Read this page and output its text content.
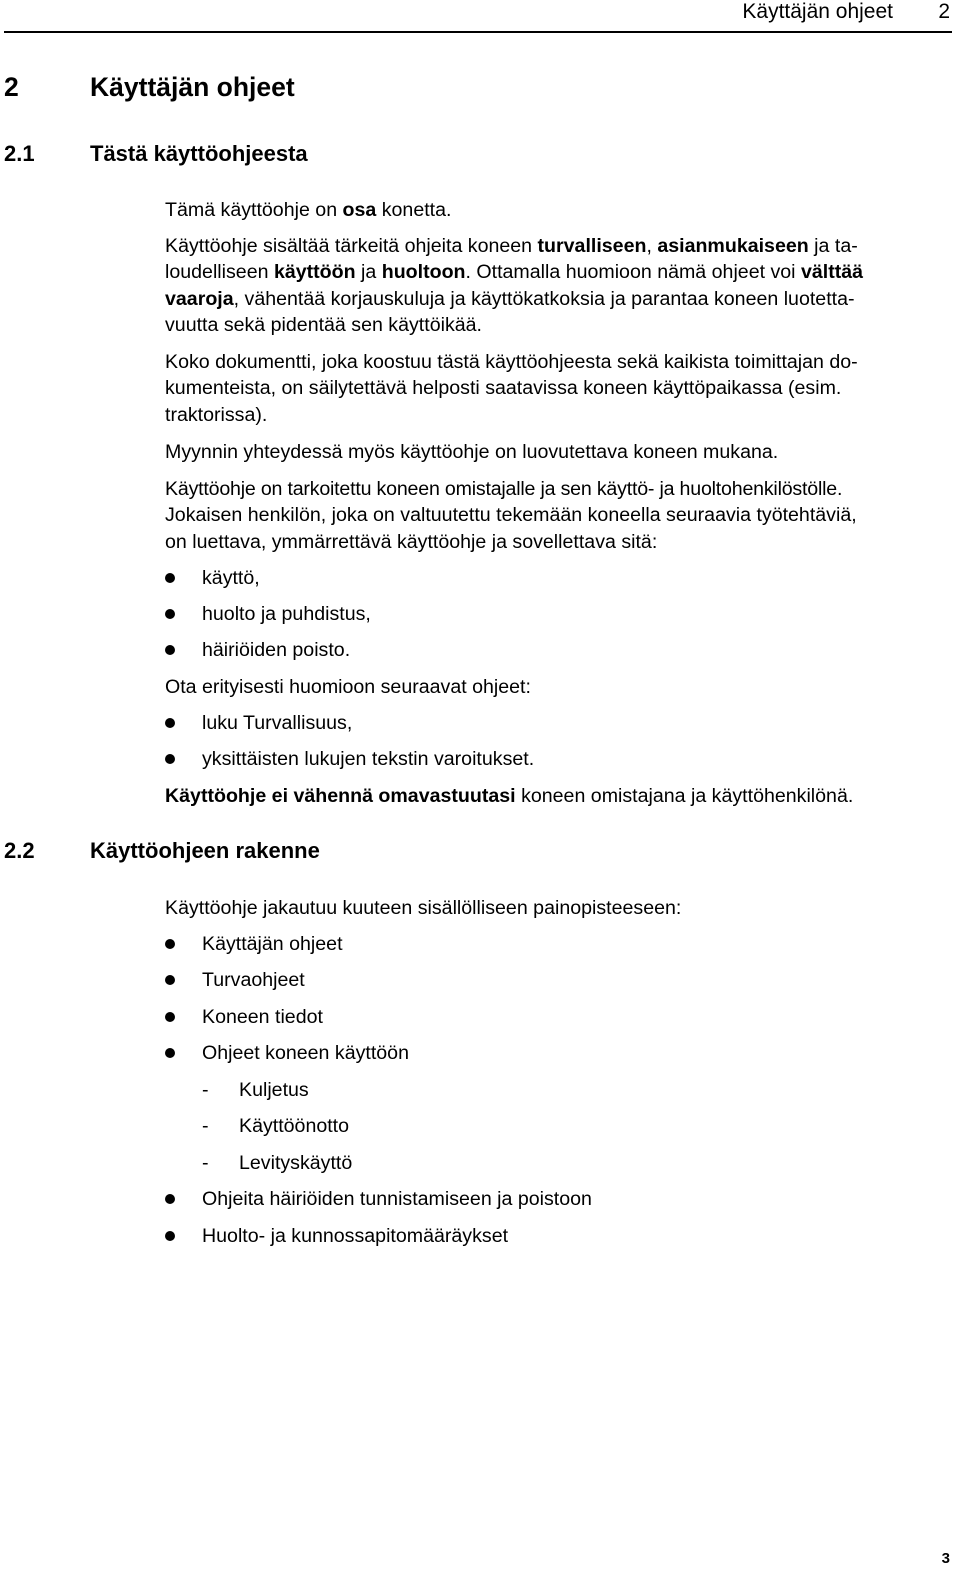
Käyttäjän ohjeet 2
2	Käyttäjän ohjeet
2.1	Tästä käyttöohjeesta
Tämä käyttöohje on osa konetta.
Käyttöohje sisältää tärkeitä ohjeita koneen turvalliseen, asianmukaiseen ja ta-
loudelliseen käyttöön ja huoltoon. Ottamalla huomioon nämä ohjeet voi välttää
vaaroja, vähentää korjauskuluja ja käyttökatkoksia ja parantaa koneen luotetta-
vuutta sekä pidentää sen käyttöikää.
Koko dokumentti, joka koostuu tästä käyttöohjeesta sekä kaikista toimittajan do-
kumenteista, on säilytettävä helposti saatavissa koneen käyttöpaikassa (esim.
traktorissa).
Myynnin yhteydessä myös käyttöohje on luovutettava koneen mukana.
Käyttöohje on tarkoitettu koneen omistajalle ja sen käyttö- ja huoltohenkilöstölle.
Jokaisen henkilön, joka on valtuutettu tekemään koneella seuraavia työtehtäviä,
on luettava, ymmärrettävä käyttöohje ja sovellettava sitä:
käyttö,
huolto ja puhdistus,
häiriöiden poisto.
Ota erityisesti huomioon seuraavat ohjeet:
luku Turvallisuus,
yksittäisten lukujen tekstin varoitukset.
Käyttöohje ei vähennä omavastuutasi koneen omistajana ja käyttöhenkilönä.
2.2	Käyttöohjeen rakenne
Käyttöohje jakautuu kuuteen sisällölliseen painopisteeseen:
Käyttäjän ohjeet
Turvaohjeet
Koneen tiedot
Ohjeet koneen käyttöön
- Kuljetus
- Käyttöönotto
- Levityskäyttö
Ohjeita häiriöiden tunnistamiseen ja poistoon
Huolto- ja kunnossapitomääräykset
3
